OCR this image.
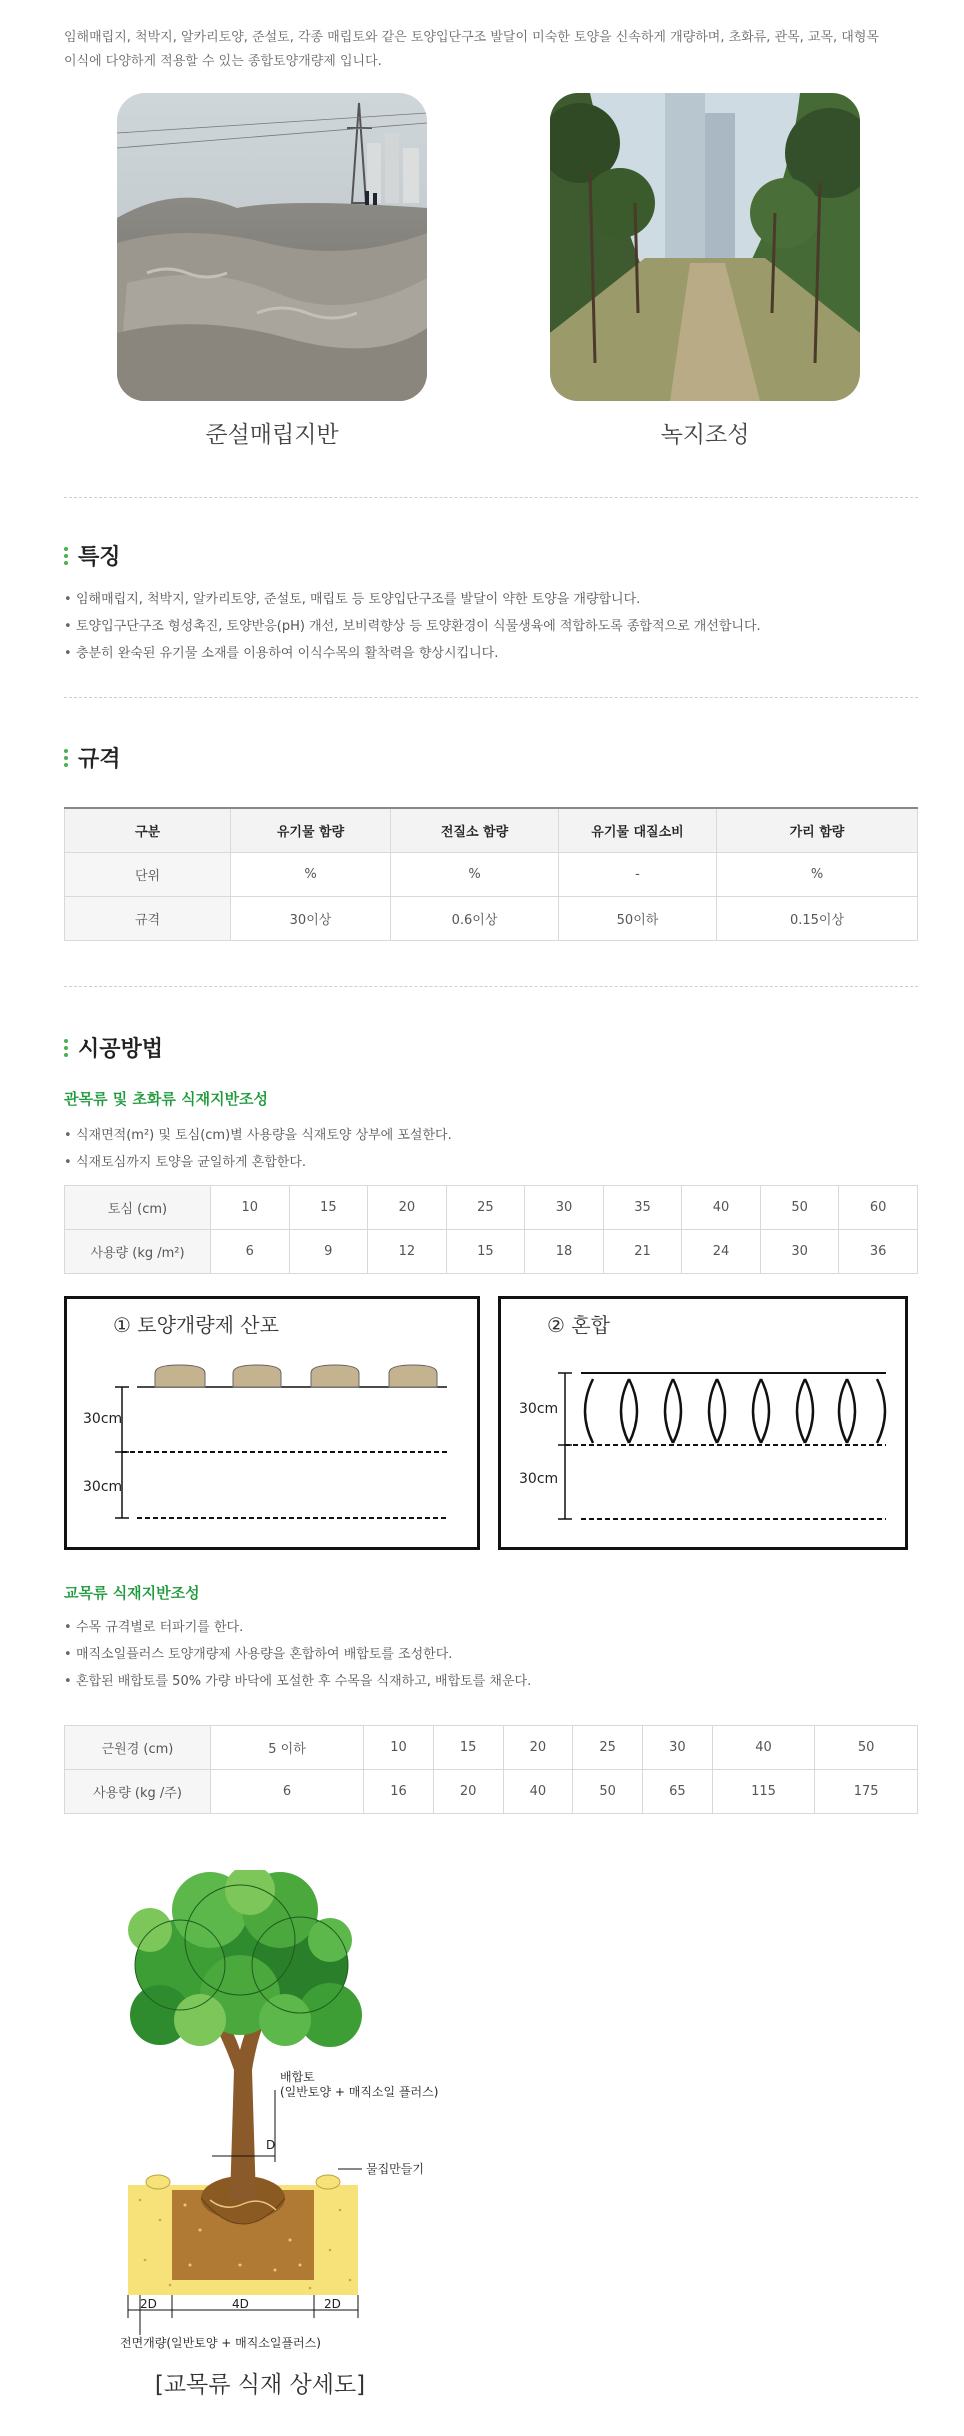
임해매립지, 척박지, 알카리토양, 준설토, 각종 매립토와 같은 토양입단구조 발달이 미숙한 토양을 신속하게 개량하며, 초화류, 관목, 교목, 대형목
이식에 다양하게 적용할 수 있는 종합토양개량제 입니다.
준설매립지반	녹지조성
특징
• 임해매립지, 척박지, 알카리토양, 준설토, 매립토 등 토양입단구조를 발달이 약한 토양을 개량합니다.
• 토양입구단구조 형성촉진, 토양반응(pH) 개선, 보비력향상 등 토양환경이 식물생육에 적합하도록 종합적으로 개선합니다.
• 충분히 완숙된 유기물 소재를 이용하여 이식수목의 활착력을 향상시킵니다.
규격
구분	유기물 함량	전질소 함량	유기물 대질소비	가리 함량
단위	%	%	-	%
규격	30이상	0.6이상	50이하	0.15이상
시공방법
관목류 및 초화류 식재지반조성
• 식재면적(m²) 및 토심(cm)별 사용량을 식재토양 상부에 포설한다.
• 식재토심까지 토양을 균일하게 혼합한다.
토심 (cm)	10	15	20	25	30	35	40	50	60
사용량 (kg /m²)	6	9	12	15	18	21	24	30	36
① 토양개량제 산포
30cm
30cm
② 혼합
30cm
30cm
교목류 식재지반조성
• 수목 규격별로 터파기를 한다.
• 매직소일플러스 토양개량제 사용량을 혼합하여 배합토를 조성한다.
• 혼합된 배합토를 50% 가량 바닥에 포설한 후 수목을 식재하고, 배합토를 채운다.
근원경 (cm)	5 이하	10	15	20	25	30	40	50
사용량 (kg /주)	6	16	20	40	50	65	115	175
배합토
(일반토양 + 매직소일 플러스)
D
물집만들기
2D	4D	2D
전면개량(일반토양 + 매직소일플러스)
[교목류 식재 상세도]
